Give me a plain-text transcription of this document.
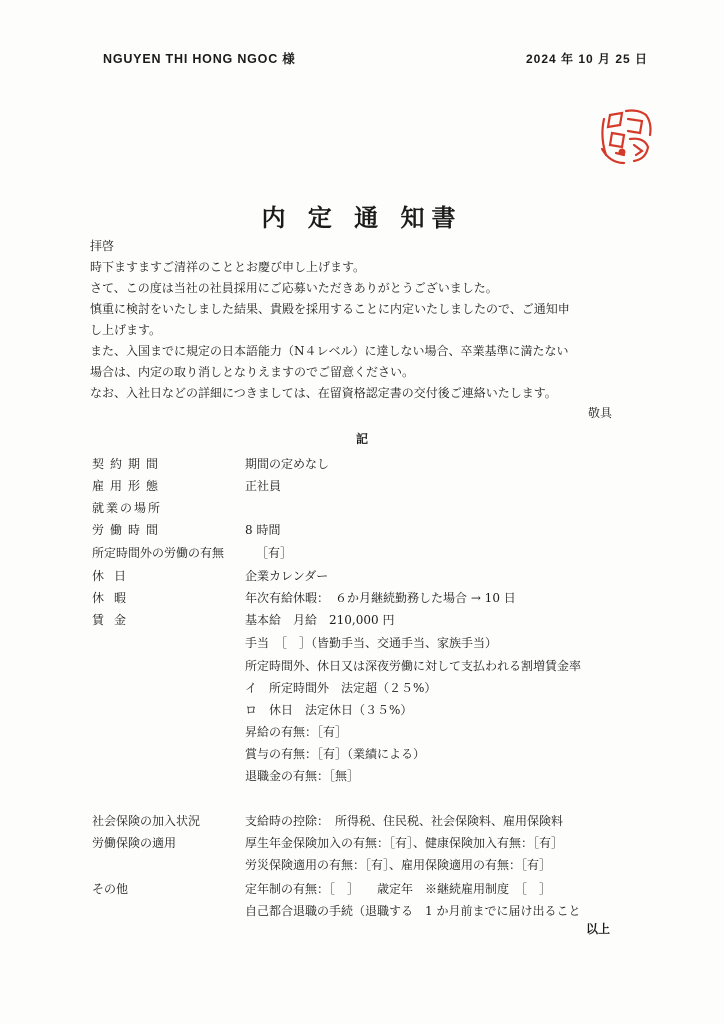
NGUYEN THI HONG NGOC 様	2024 年 10 月 25 日
内 定 通 知書

拝啓

時下ますますご清祥のこととお慶び申し上げます。

さて、この度は当社の社員採用にご応募いただきありがとうございました。

慎重に検討をいたしました結果、貴殿を採用することに内定いたしましたので、ご通知申

し上げます。

また、入国までに規定の日本語能力（N４レベル）に達しない場合、卒業基準に満たない

場合は、内定の取り消しとなりえますのでご留意ください。

なお、入社日などの詳細につきましては、在留資格認定書の交付後ご連絡いたします。

敬具
記
契約期間	期間の定めなし
雇用形態	正社員
就業の場所
労働時間	8 時間
所定時間外の労働の有無	［有］
休日	企業カレンダー
休暇	年次有給休暇：　６か月継続勤務した場合 → 10 日
賃金	基本給　月給　210,000 円
手当　［　］（皆勤手当、交通手当、家族手当）
所定時間外、休日又は深夜労働に対して支払われる割増賃金率
イ　所定時間外　法定超（２５%）
ロ　休日　法定休日（３５%）
昇給の有無：［有］
賞与の有無：［有］（業績による）
退職金の有無：［無］
社会保険の加入状況	支給時の控除：　所得税、住民税、社会保険料、雇用保険料
労働保険の適用	厚生年金保険加入の有無：［有］、健康保険加入有無：［有］
労災保険適用の有無：［有］、雇用保険適用の有無：［有］
その他	定年制の有無：［　］　　歳定年　※継続雇用制度　［　］
自己都合退職の手続（退職する　1 か月前までに届け出ること
以上
